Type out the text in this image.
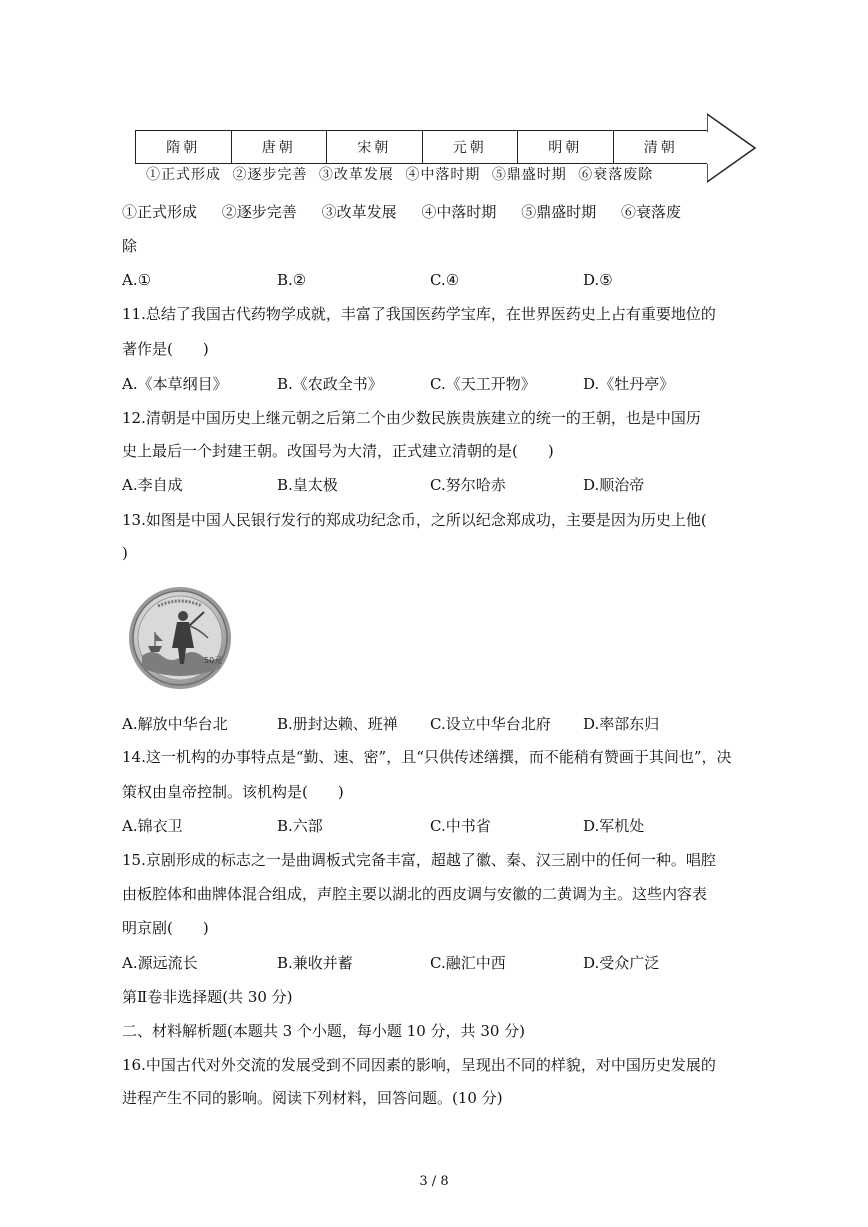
隋朝	唐朝	宋朝	元朝	明朝	清朝
①正式形成 ②逐步完善 ③改革发展 ④中落时期 ⑤鼎盛时期 ⑥衰落废除
①正式形成 ②逐步完善 ③改革发展 ④中落时期 ⑤鼎盛时期 ⑥衰落废
除
A.①	B.②	C.④	D.⑤
11.总结了我国古代药物学成就，丰富了我国医药学宝库，在世界医药史上占有重要地位的
著作是(　　)
A.《本草纲目》	B.《农政全书》	C.《天工开物》	D.《牡丹亭》
12.清朝是中国历史上继元朝之后第二个由少数民族贵族建立的统一的王朝，也是中国历
史上最后一个封建王朝。改国号为大清，正式建立清朝的是(　　)
A.李自成	B.皇太极	C.努尔哈赤	D.顺治帝
13.如图是中国人民银行发行的郑成功纪念币，之所以纪念郑成功，主要是因为历史上他(
)
50元
A.解放中华台北	B.册封达赖、班禅 C.设立中华台北府 D.率部东归
14.这一机构的办事特点是“勤、速、密”，且“只供传述缮撰，而不能稍有赞画于其间也”，决
策权由皇帝控制。该机构是(　　)
A.锦衣卫	B.六部	C.中书省	D.军机处
15.京剧形成的标志之一是曲调板式完备丰富，超越了徽、秦、汉三剧中的任何一种。唱腔
由板腔体和曲牌体混合组成，声腔主要以湖北的西皮调与安徽的二黄调为主。这些内容表
明京剧(　　)
A.源远流长	B.兼收并蓄	C.融汇中西	D.受众广泛
第Ⅱ卷非选择题(共 30 分)
二、材料解析题(本题共 3 个小题，每小题 10 分，共 30 分)
16.中国古代对外交流的发展受到不同因素的影响，呈现出不同的样貌，对中国历史发展的
进程产生不同的影响。阅读下列材料，回答问题。(10 分)
3 / 8
